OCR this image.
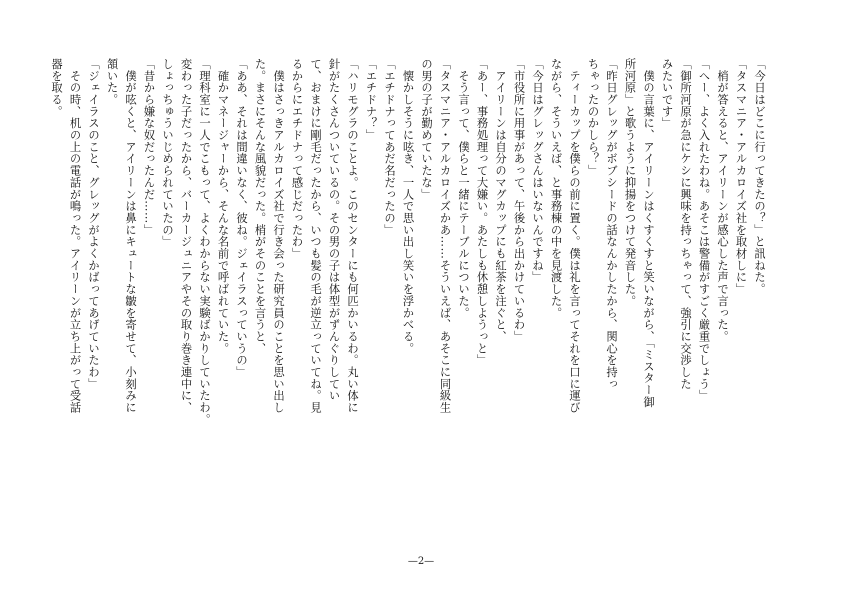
「今日はどこに行ってきたの？」と訊ねた。
「タスマニア・アルカロイズ社を取材しに」
　梢が答えると、アイリーンが感心した声で言った。
「へー、よく入れたわね。あそこは警備がすごく厳重でしょう」
「御所河原が急にケシに興味を持っちゃって、強引に交渉した
みたいです」
　僕の言葉に、アイリーンはくすくすと笑いながら、「ミスター御
所河原」と歌うように抑揚をつけて発音した。
「昨日グレッグがボブシードの話なんかしたから、関心を持っ
ちゃったのかしら？」
　ティーカップを僕らの前に置く。僕は礼を言ってそれを口に運び
ながら、そういえば、と事務棟の中を見渡した。
「今日はグレッグさんはいないんですね」
「市役所に用事があって、午後から出かけているわ」
　アイリーンは自分のマグカップにも紅茶を注ぐと、
「あー、事務処理って大嫌い。あたしも休憩しようっと」
　そう言って、僕らと一緒にテーブルについた。
「タスマニア・アルカロイズかあ……そういえば、あそこに同級生
の男の子が勤めていたな」
　懐かしそうに呟き、一人で思い出し笑いを浮かべる。
「エチドナってあだ名だったの」
「エチドナ？」
「ハリモグラのことよ。このセンターにも何匹かいるわ。丸い体に
針がたくさんついているの。その男の子は体型がずんぐりしてい
て、おまけに剛毛だったから、いつも髪の毛が逆立っていてね。見
るからにエチドナって感じだったわ」
　僕はさっきアルカロイズ社で行き会った研究員のことを思い出し
た。まさにそんな風貌だった。梢がそのことを言うと、
「ああ、それは間違いなく、彼ね。ジェイラスっていうの」
　確かマネージャーから、そんな名前で呼ばれていた。
「理科室に一人でこもって、よくわからない実験ばかりしていたわ。
変わった子だったから、バーカージュニアやその取り巻き連中に、
しょっちゅういじめられていたの」
「昔から嫌な奴だったんだ……」
　僕が呟くと、アイリーンは鼻にキュートな皺を寄せて、小刻みに
頷いた。
「ジェイラスのこと、グレッグがよくかばってあげていたわ」
　その時、机の上の電話が鳴った。アイリーンが立ち上がって受話
器を取る。
—2—
